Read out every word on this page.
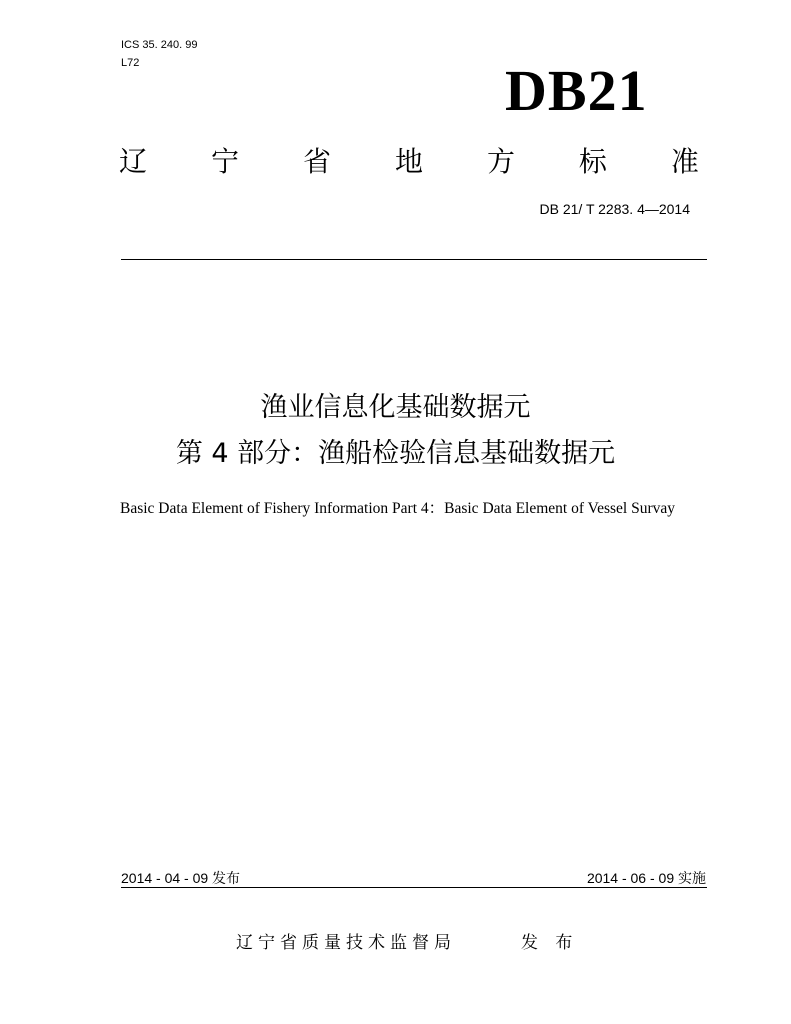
ICS 35. 240. 99
L72	DB21
辽 宁 省 地 方 标 准
DB 21/ T 2283. 4—2014
渔业信息化基础数据元
第 4 部分：渔船检验信息基础数据元
Basic Data Element of Fishery Information Part 4：Basic Data Element of Vessel Survay
2014 - 04 - 09 发布	2014 - 06 - 09 实施
辽宁省质量技术监督局	发 布
